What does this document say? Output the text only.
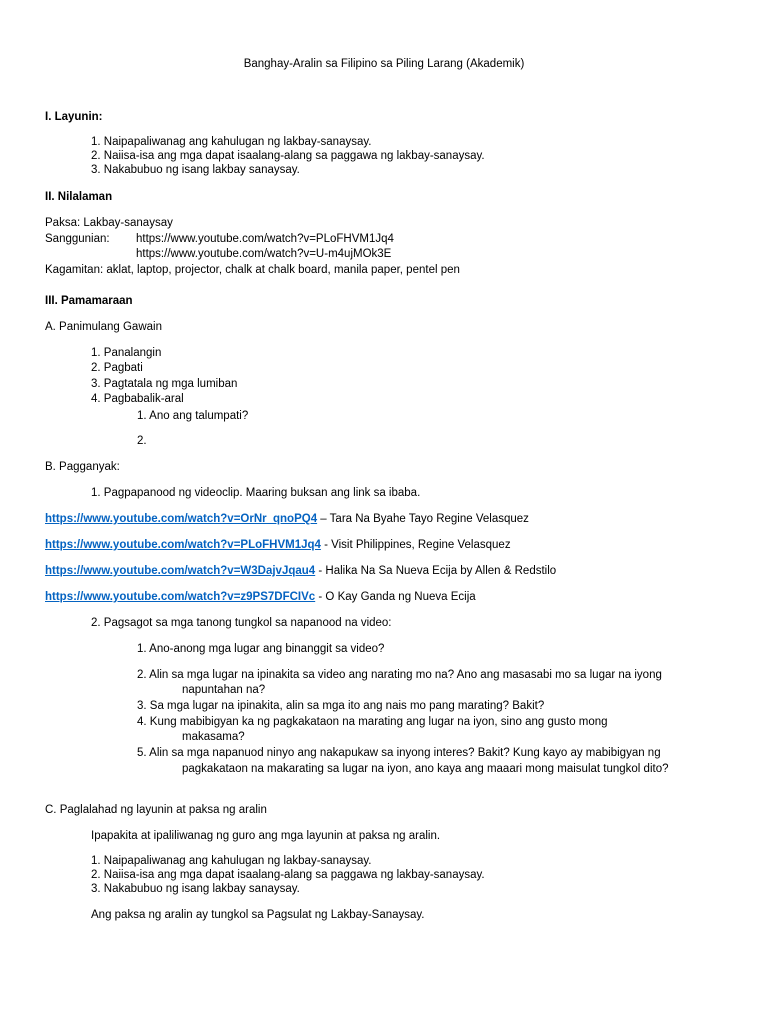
Banghay-Aralin sa Filipino sa Piling Larang (Akademik)
I. Layunin:
1. Naipapaliwanag ang kahulugan ng lakbay-sanaysay.
2. Naiisa-isa ang mga dapat isaalang-alang sa paggawa ng lakbay-sanaysay.
3. Nakabubuo ng isang lakbay sanaysay.
II. Nilalaman
Paksa: Lakbay-sanaysay
Sanggunian: https://www.youtube.com/watch?v=PLoFHVM1Jq4
https://www.youtube.com/watch?v=U-m4ujMOk3E
Kagamitan: aklat, laptop, projector, chalk at chalk board, manila paper, pentel pen
III. Pamamaraan
A. Panimulang Gawain
1. Panalangin
2. Pagbati
3. Pagtatala ng mga lumiban
4. Pagbabalik-aral
1. Ano ang talumpati?
2.
B. Pagganyak:
1. Pagpapanood ng videoclip. Maaring buksan ang link sa ibaba.
https://www.youtube.com/watch?v=OrNr_qnoPQ4 – Tara Na Byahe Tayo Regine Velasquez
https://www.youtube.com/watch?v=PLoFHVM1Jq4 - Visit Philippines, Regine Velasquez
https://www.youtube.com/watch?v=W3DajvJqau4 - Halika Na Sa Nueva Ecija by Allen & Redstilo
https://www.youtube.com/watch?v=z9PS7DFCIVc - O Kay Ganda ng Nueva Ecija
2. Pagsagot sa mga tanong tungkol sa napanood na video:
1. Ano-anong mga lugar ang binanggit sa video?
2. Alin sa mga lugar na ipinakita sa video ang narating mo na? Ano ang masasabi mo sa lugar na iyong
napuntahan na?
3. Sa mga lugar na ipinakita, alin sa mga ito ang nais mo pang marating? Bakit?
4. Kung mabibigyan ka ng pagkakataon na marating ang lugar na iyon, sino ang gusto mong
makasama?
5. Alin sa mga napanuod ninyo ang nakapukaw sa inyong interes? Bakit? Kung kayo ay mabibigyan ng
pagkakataon na makarating sa lugar na iyon, ano kaya ang maaari mong maisulat tungkol dito?
C. Paglalahad ng layunin at paksa ng aralin
Ipapakita at ipaliliwanag ng guro ang mga layunin at paksa ng aralin.
1. Naipapaliwanag ang kahulugan ng lakbay-sanaysay.
2. Naiisa-isa ang mga dapat isaalang-alang sa paggawa ng lakbay-sanaysay.
3. Nakabubuo ng isang lakbay sanaysay.
Ang paksa ng aralin ay tungkol sa Pagsulat ng Lakbay-Sanaysay.
